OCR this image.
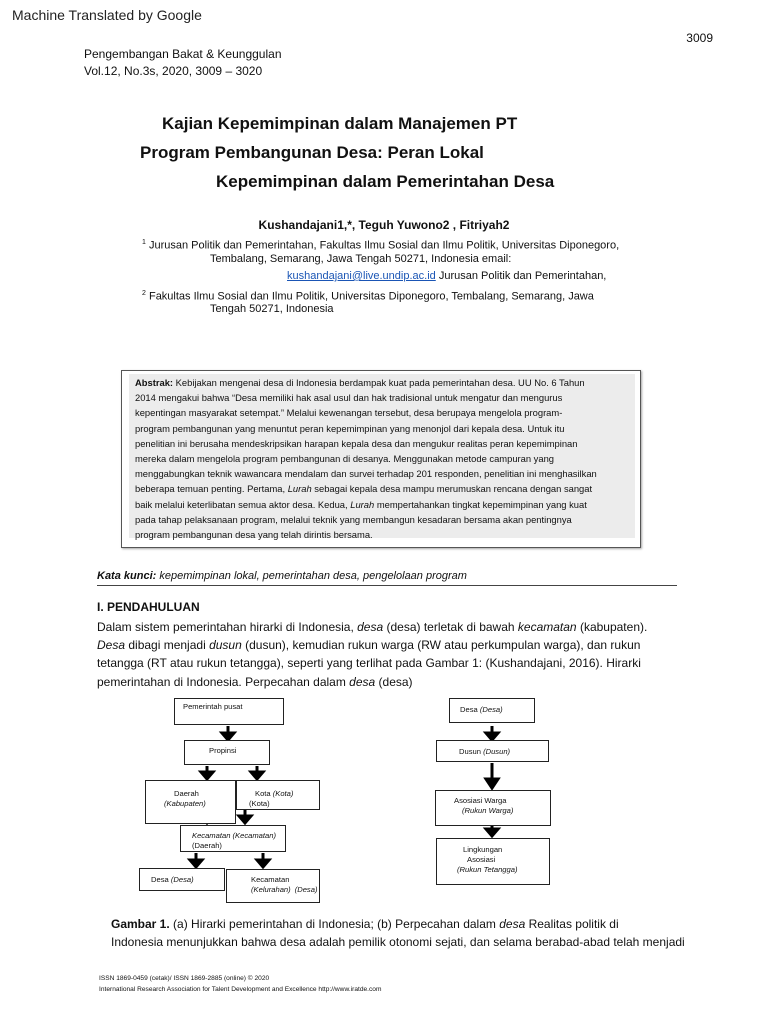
Machine Translated by Google
3009
Pengembangan Bakat & Keunggulan
Vol.12, No.3s, 2020, 3009 – 3020
Kajian Kepemimpinan dalam Manajemen PT
Program Pembangunan Desa: Peran Lokal
Kepemimpinan dalam Pemerintahan Desa
Kushandajani1,*, Teguh Yuwono2 , Fitriyah2
$^1$ Jurusan Politik dan Pemerintahan, Fakultas Ilmu Sosial dan Ilmu Politik, Universitas Diponegoro,
Tembalang, Semarang, Jawa Tengah 50271, Indonesia email:
kushandajani@live.undip.ac.id Jurusan Politik dan Pemerintahan,
$^2$ Fakultas Ilmu Sosial dan Ilmu Politik, Universitas Diponegoro, Tembalang, Semarang, Jawa
Tengah 50271, Indonesia
Abstrak: Kebijakan mengenai desa di Indonesia berdampak kuat pada pemerintahan desa. UU No. 6 Tahun
2014 mengakui bahwa “Desa memiliki hak asal usul dan hak tradisional untuk mengatur dan mengurus
kepentingan masyarakat setempat.” Melalui kewenangan tersebut, desa berupaya mengelola program-
program pembangunan yang menuntut peran kepemimpinan yang menonjol dari kepala desa. Untuk itu
penelitian ini berusaha mendeskripsikan harapan kepala desa dan mengukur realitas peran kepemimpinan
mereka dalam mengelola program pembangunan di desanya. Menggunakan metode campuran yang
menggabungkan teknik wawancara mendalam dan survei terhadap 201 responden, penelitian ini menghasilkan
beberapa temuan penting. Pertama, Lurah sebagai kepala desa mampu merumuskan rencana dengan sangat
baik melalui keterlibatan semua aktor desa. Kedua, Lurah mempertahankan tingkat kepemimpinan yang kuat
pada tahap pelaksanaan program, melalui teknik yang membangun kesadaran bersama akan pentingnya
program pembangunan desa yang telah dirintis bersama.
Kata kunci: kepemimpinan lokal, pemerintahan desa, pengelolaan program
I. PENDAHULUAN
Dalam sistem pemerintahan hirarki di Indonesia, desa (desa) terletak di bawah kecamatan (kabupaten).
Desa dibagi menjadi dusun (dusun), kemudian rukun warga (RW atau perkumpulan warga), dan rukun
tetangga (RT atau rukun tetangga), seperti yang terlihat pada Gambar 1: (Kushandajani, 2016). Hirarki
pemerintahan di Indonesia. Perpecahan dalam desa (desa)
Pemerintah pusat
Propinsi
Daerah
(Kabupaten)
Kota (Kota)
(Kota)
Kecamatan (Kecamatan)
(Daerah)
Desa (Desa)	Kecamatan
(Kelurahan) (Desa)
Desa (Desa)
Dusun (Dusun)
Asosiasi Warga
(Rukun Warga)
Lingkungan
Asosiasi
(Rukun Tetangga)
Gambar 1. (a) Hirarki pemerintahan di Indonesia; (b) Perpecahan dalam desa Realitas politik di
Indonesia menunjukkan bahwa desa adalah pemilik otonomi sejati, dan selama berabad-abad telah menjadi
ISSN 1869-0459 (cetak)/ ISSN 1869-2885 (online) © 2020
International Research Association for Talent Development and Excellence http://www.iratde.com
